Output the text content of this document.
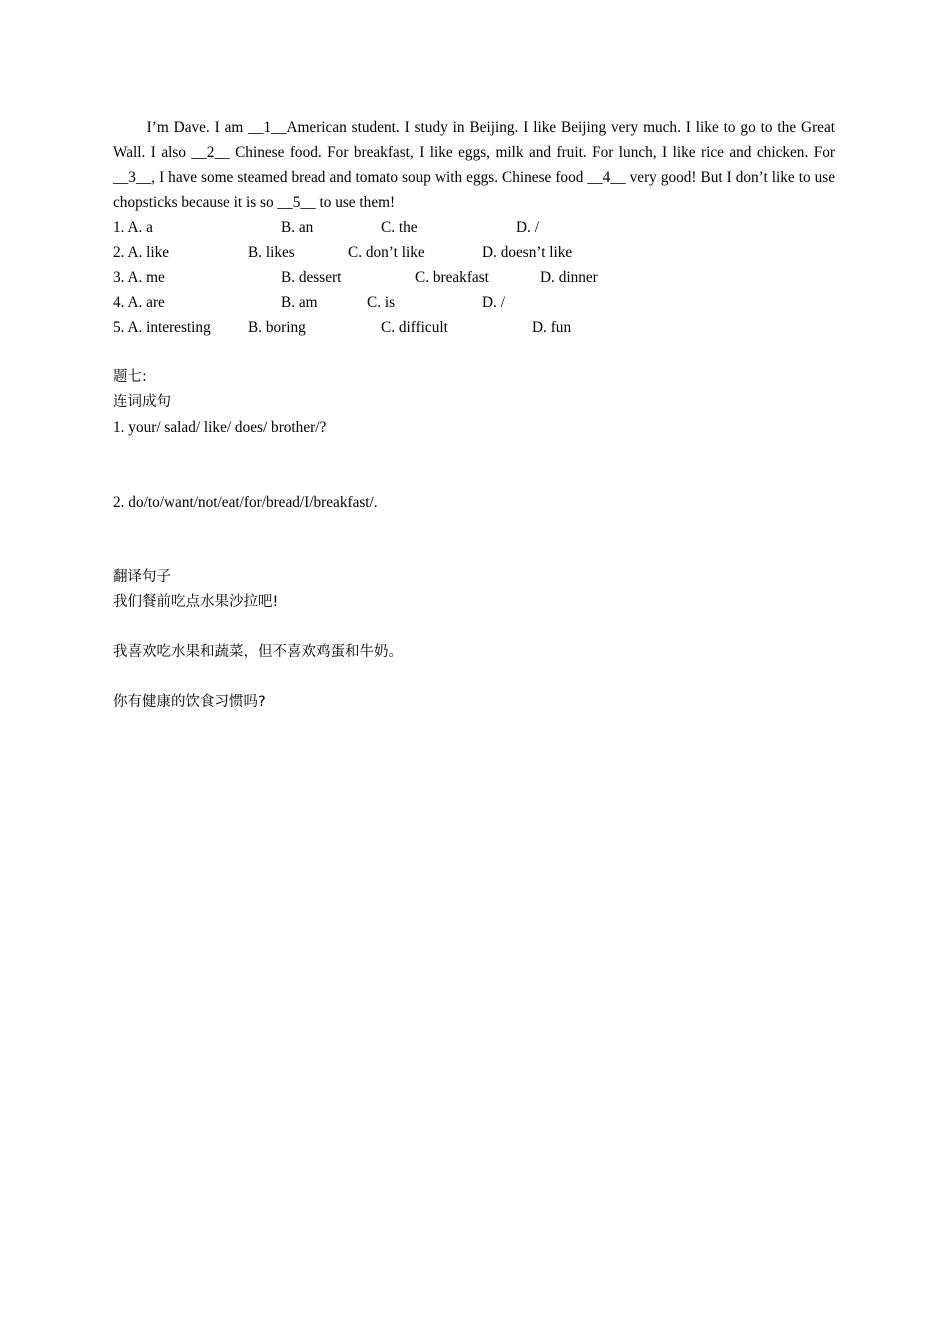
I’m Dave. I am __1__American student. I study in Beijing. I like Beijing very much. I like to go to the Great Wall. I also __2__ Chinese food. For breakfast, I like eggs, milk and fruit. For lunch, I like rice and chicken. For __3__, I have some steamed bread and tomato soup with eggs. Chinese food __4__ very good! But I don’t like to use chopsticks because it is so __5__ to use them!

1. A. a	B. an	C. the	D. /
2. A. like	B. likes	C. don’t like	D. doesn’t like
3. A. me	B. dessert	C. breakfast	D. dinner
4. A. are	B. am	C. is	D. /
5. A. interesting B. boring	C. difficult	D. fun

题七:

连词成句

1. your/ salad/ like/ does/ brother/?

2. do/to/want/not/eat/for/bread/I/breakfast/.

翻译句子

我们餐前吃点水果沙拉吧!

我喜欢吃水果和蔬菜，但不喜欢鸡蛋和牛奶。

你有健康的饮食习惯吗?
